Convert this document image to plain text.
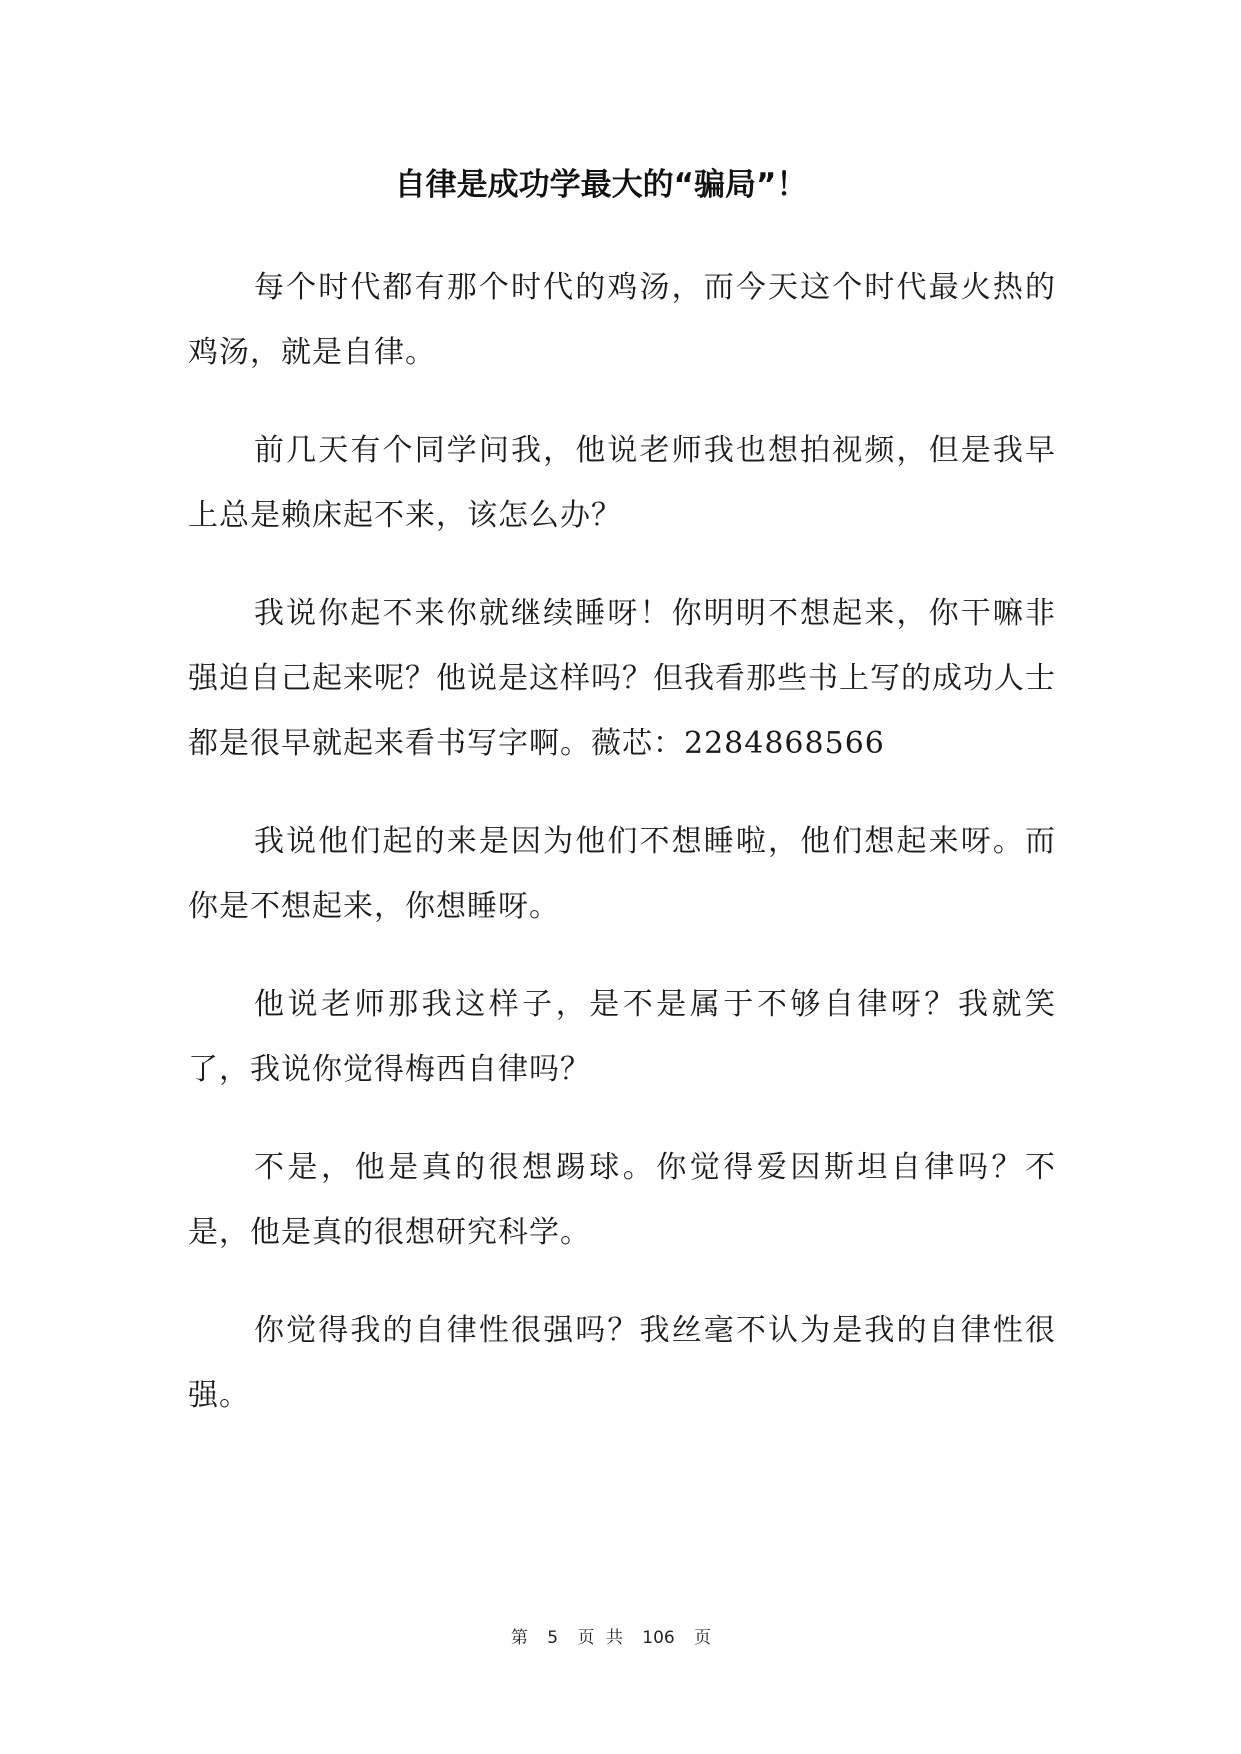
自律是成功学最大的“骗局”！

每个时代都有那个时代的鸡汤，而今天这个时代最火热的鸡汤，就是自律。

前几天有个同学问我，他说老师我也想拍视频，但是我早上总是赖床起不来，该怎么办？

我说你起不来你就继续睡呀！你明明不想起来，你干嘛非强迫自己起来呢？他说是这样吗？但我看那些书上写的成功人士都是很早就起来看书写字啊。薇芯：2284868566

我说他们起的来是因为他们不想睡啦，他们想起来呀。而你是不想起来，你想睡呀。

他说老师那我这样子，是不是属于不够自律呀？我就笑了，我说你觉得梅西自律吗？

不是，他是真的很想踢球。你觉得爱因斯坦自律吗？不是，他是真的很想研究科学。

你觉得我的自律性很强吗？我丝毫不认为是我的自律性很强。

第 5 页 共 106 页
